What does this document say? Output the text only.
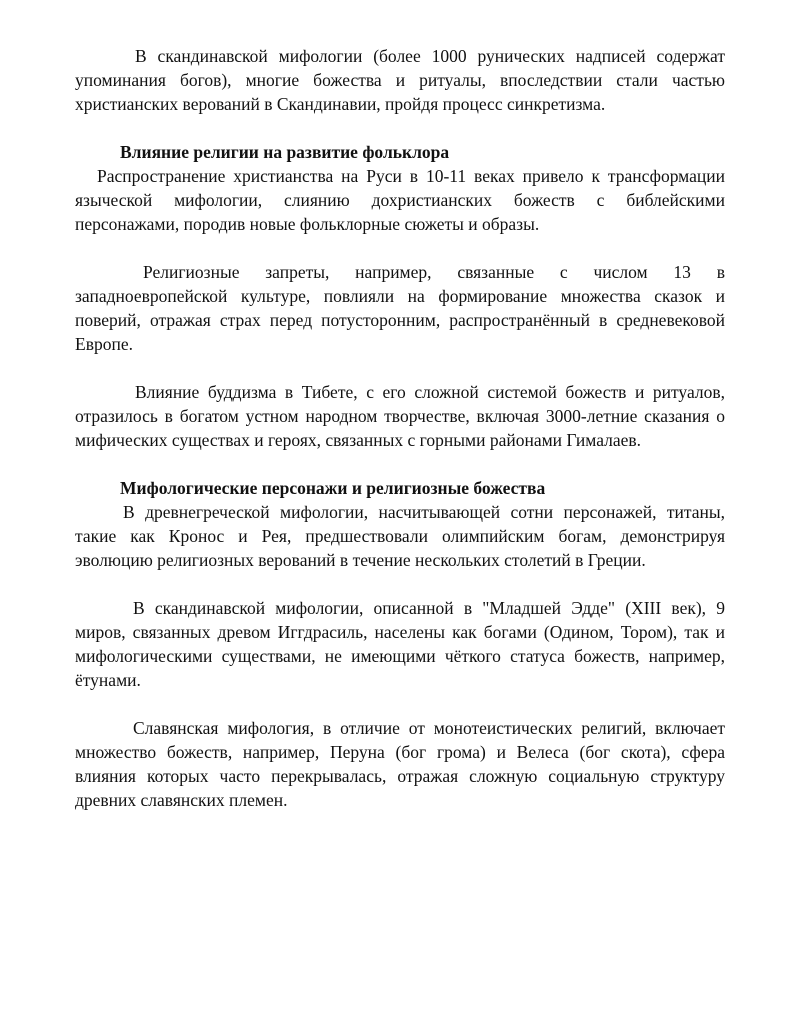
В скандинавской мифологии (более 1000 рунических надписей содержат упоминания богов), многие божества и ритуалы, впоследствии стали частью христианских верований в Скандинавии, пройдя процесс синкретизма.

Влияние религии на развитие фольклора

Распространение христианства на Руси в 10-11 веках привело к трансформации языческой мифологии, слиянию дохристианских божеств с библейскими персонажами, породив новые фольклорные сюжеты и образы.

Религиозные запреты, например, связанные с числом 13 в западноевропейской культуре, повлияли на формирование множества сказок и поверий, отражая страх перед потусторонним, распространённый в средневековой Европе.

Влияние буддизма в Тибете, с его сложной системой божеств и ритуалов, отразилось в богатом устном народном творчестве, включая 3000-летние сказания о мифических существах и героях, связанных с горными районами Гималаев.

Мифологические персонажи и религиозные божества

В древнегреческой мифологии, насчитывающей сотни персонажей, титаны, такие как Кронос и Рея, предшествовали олимпийским богам, демонстрируя эволюцию религиозных верований в течение нескольких столетий в Греции.

В скандинавской мифологии, описанной в "Младшей Эдде" (XIII век), 9 миров, связанных древом Иггдрасиль, населены как богами (Одином, Тором), так и мифологическими существами, не имеющими чёткого статуса божеств, например, ётунами.

Славянская мифология, в отличие от монотеистических религий, включает множество божеств, например, Перуна (бог грома) и Велеса (бог скота), сфера влияния которых часто перекрывалась, отражая сложную социальную структуру древних славянских племен.
